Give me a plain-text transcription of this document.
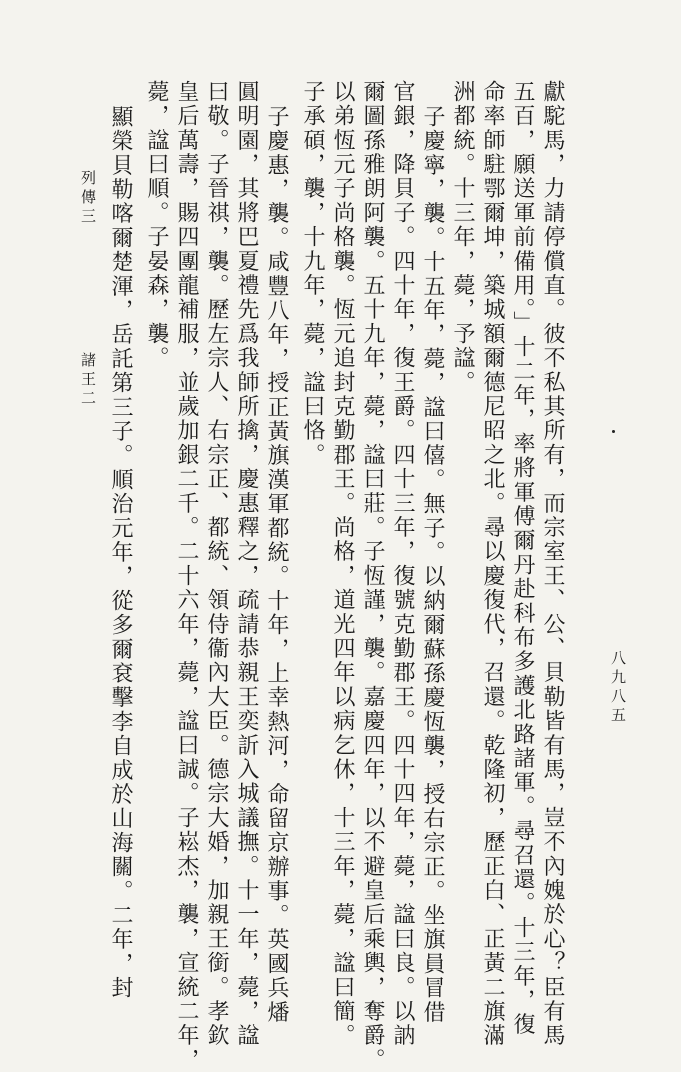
獻駝馬，力請停償直。彼不私其所有，而宗室王、公、貝勒皆有馬，豈不內媿於心？臣有馬
五百，願送軍前備用。」十二年，率將軍傅爾丹赴科布多護北路諸軍。尋召還。十三年，復
命率師駐鄂爾坤，築城額爾德尼昭之北。尋以慶復代，召還。乾隆初，歷正白、正黃二旗滿
洲都統。十三年，薨，予諡。
子慶寧，襲。十五年，薨，諡曰僖。無子。以納爾蘇孫慶恆襲，授右宗正。坐旗員冒借
官銀，降貝子。四十年，復王爵。四十三年，復號克勤郡王。四十四年，薨，諡曰良。以訥
爾圖孫雅朗阿襲。五十九年，薨，諡曰莊。子恆謹，襲。嘉慶四年，以不避皇后乘輿，奪爵。
以弟恆元子尚格襲。恆元追封克勤郡王。尚格，道光四年以病乞休，十三年，薨，諡曰簡。
子承碩，襲，十九年，薨，諡曰恪。
子慶惠，襲。咸豐八年，授正黃旗漢軍都統。十年，上幸熱河，命留京辦事。英國兵燔
圓明園，其將巴夏禮先爲我師所擒，慶惠釋之，疏請恭親王奕訢入城議撫。十一年，薨，諡
曰敬。子晉祺，襲。歷左宗人、右宗正、都統、領侍衞內大臣。德宗大婚，加親王銜。孝欽
皇后萬壽，賜四團龍補服，並歲加銀二千。二十六年，薨，諡曰誠。子崧杰，襲，宣統二年，
薨，諡曰順。子晏森，襲。
顯榮貝勒喀爾楚渾，岳託第三子。順治元年，從多爾袞擊李自成於山海關。二年，封
列傳三
諸王二
八九八五
